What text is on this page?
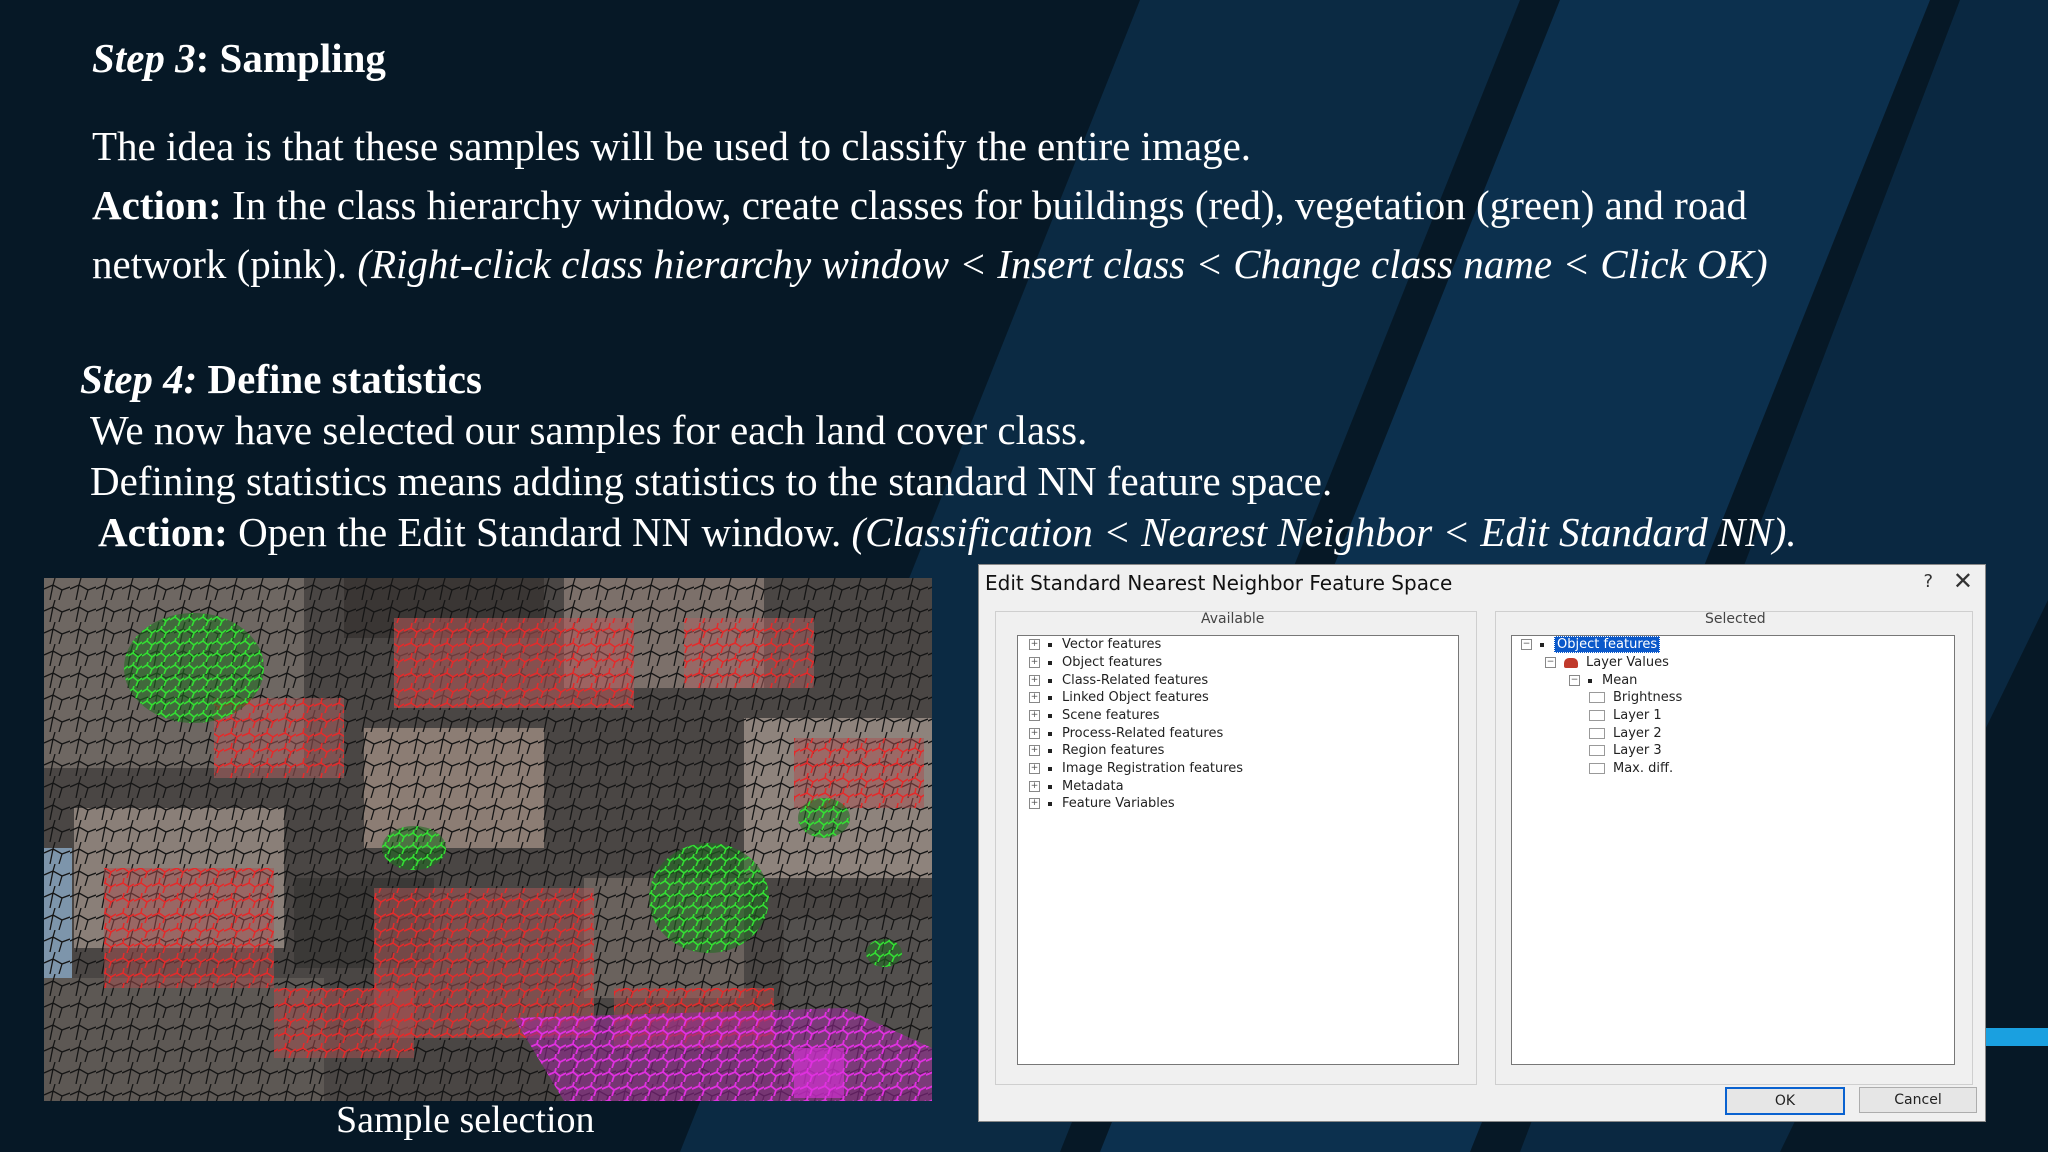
Step 3: Sampling
The idea is that these samples will be used to classify the entire image.
Action: In the class hierarchy window, create classes for buildings (red), vegetation (green) and road
network (pink). (Right-click class hierarchy window < Insert class < Change class name < Click OK)
Step 4: Define statistics
We now have selected our samples for each land cover class.
Defining statistics means adding statistics to the standard NN feature space.
Action: Open the Edit Standard NN window. (Classification < Nearest Neighbor < Edit Standard NN).
Sample selection
Edit Standard Nearest Neighbor Feature Space	? ✕
Available	Selected
+ Vector features
+ Object features
+ Class-Related features
+ Linked Object features
+ Scene features
+ Process-Related features
+ Region features
+ Image Registration features
+ Metadata
+ Feature Variables
− Object features
− Layer Values
− Mean
Brightness
Layer 1
Layer 2
Layer 3
Max. diff.
OK	Cancel
